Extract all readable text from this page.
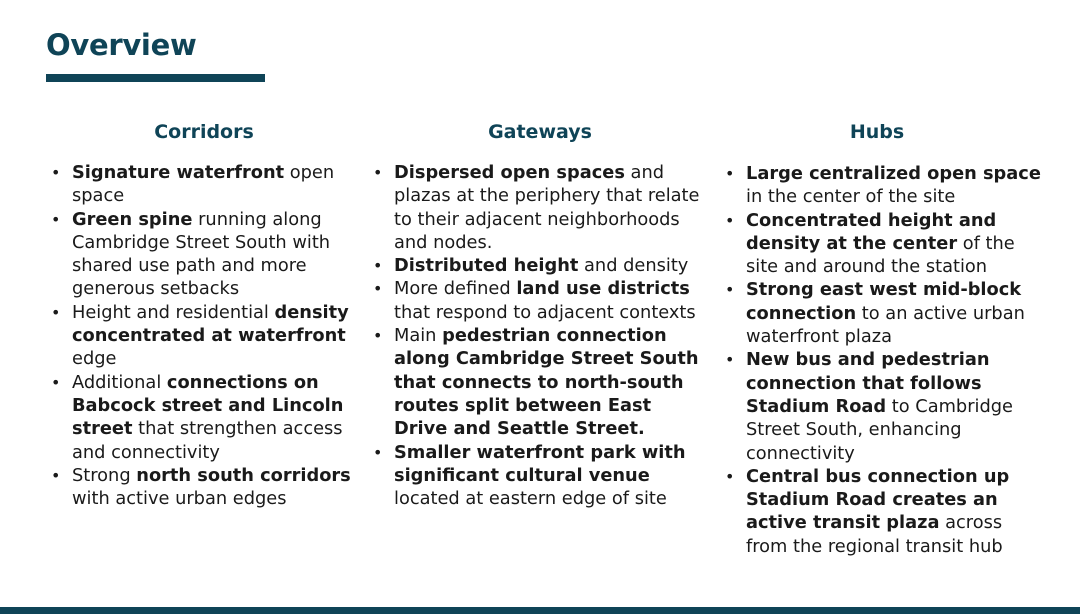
Overview
Corridors
• Signature waterfront open space
• Green spine running along Cambridge Street South with shared use path and more generous setbacks
• Height and residential density concentrated at waterfront edge
• Additional connections on Babcock street and Lincoln street that strengthen access and connectivity
• Strong north south corridors with active urban edges
Gateways
• Dispersed open spaces and plazas at the periphery that relate to their adjacent neighborhoods and nodes.
• Distributed height and density
• More defined land use districts that respond to adjacent contexts
• Main pedestrian connection along Cambridge Street South that connects to north-south routes split between East Drive and Seattle Street.
• Smaller waterfront park with significant cultural venue located at eastern edge of site
Hubs
• Large centralized open space in the center of the site
• Concentrated height and density at the center of the site and around the station
• Strong east west mid-block connection to an active urban waterfront plaza
• New bus and pedestrian connection that follows Stadium Road to Cambridge Street South, enhancing connectivity
• Central bus connection up Stadium Road creates an active transit plaza across from the regional transit hub
